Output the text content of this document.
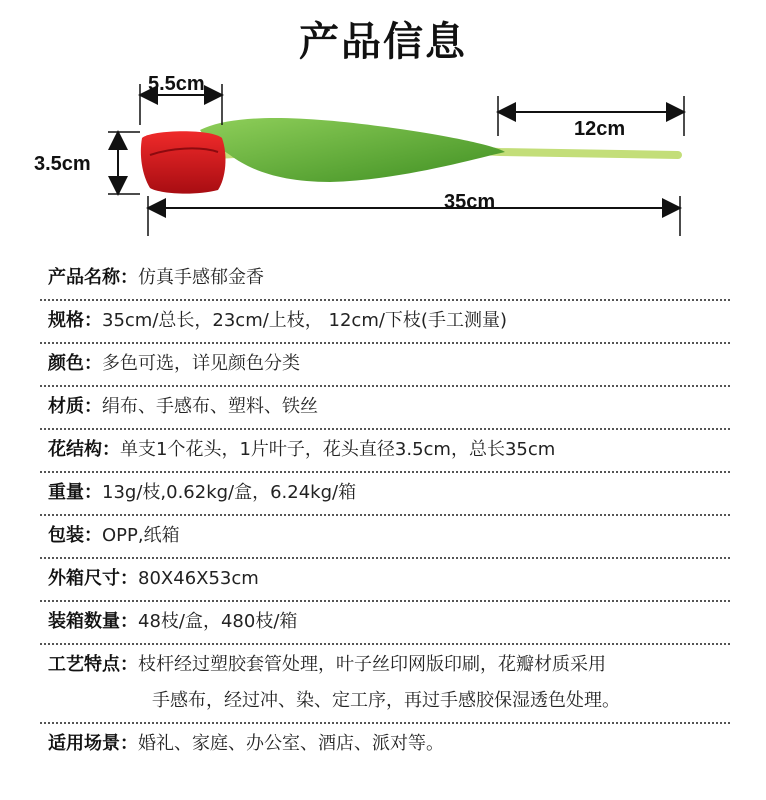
产品信息
5.5cm
3.5cm
12cm
35cm
产品名称：仿真手感郁金香
规格：35cm/总长，23cm/上枝， 12cm/下枝(手工测量)
颜色：多色可选，详见颜色分类
材质：绢布、手感布、塑料、铁丝
花结构：单支1个花头，1片叶子，花头直径3.5cm，总长35cm
重量：13g/枝,0.62kg/盒，6.24kg/箱
包装：OPP,纸箱
外箱尺寸：80X46X53cm
装箱数量：48枝/盒，480枝/箱
工艺特点：枝杆经过塑胶套管处理，叶子丝印网版印刷，花瓣材质采用
手感布，经过冲、染、定工序，再过手感胶保湿透色处理。
适用场景：婚礼、家庭、办公室、酒店、派对等。
